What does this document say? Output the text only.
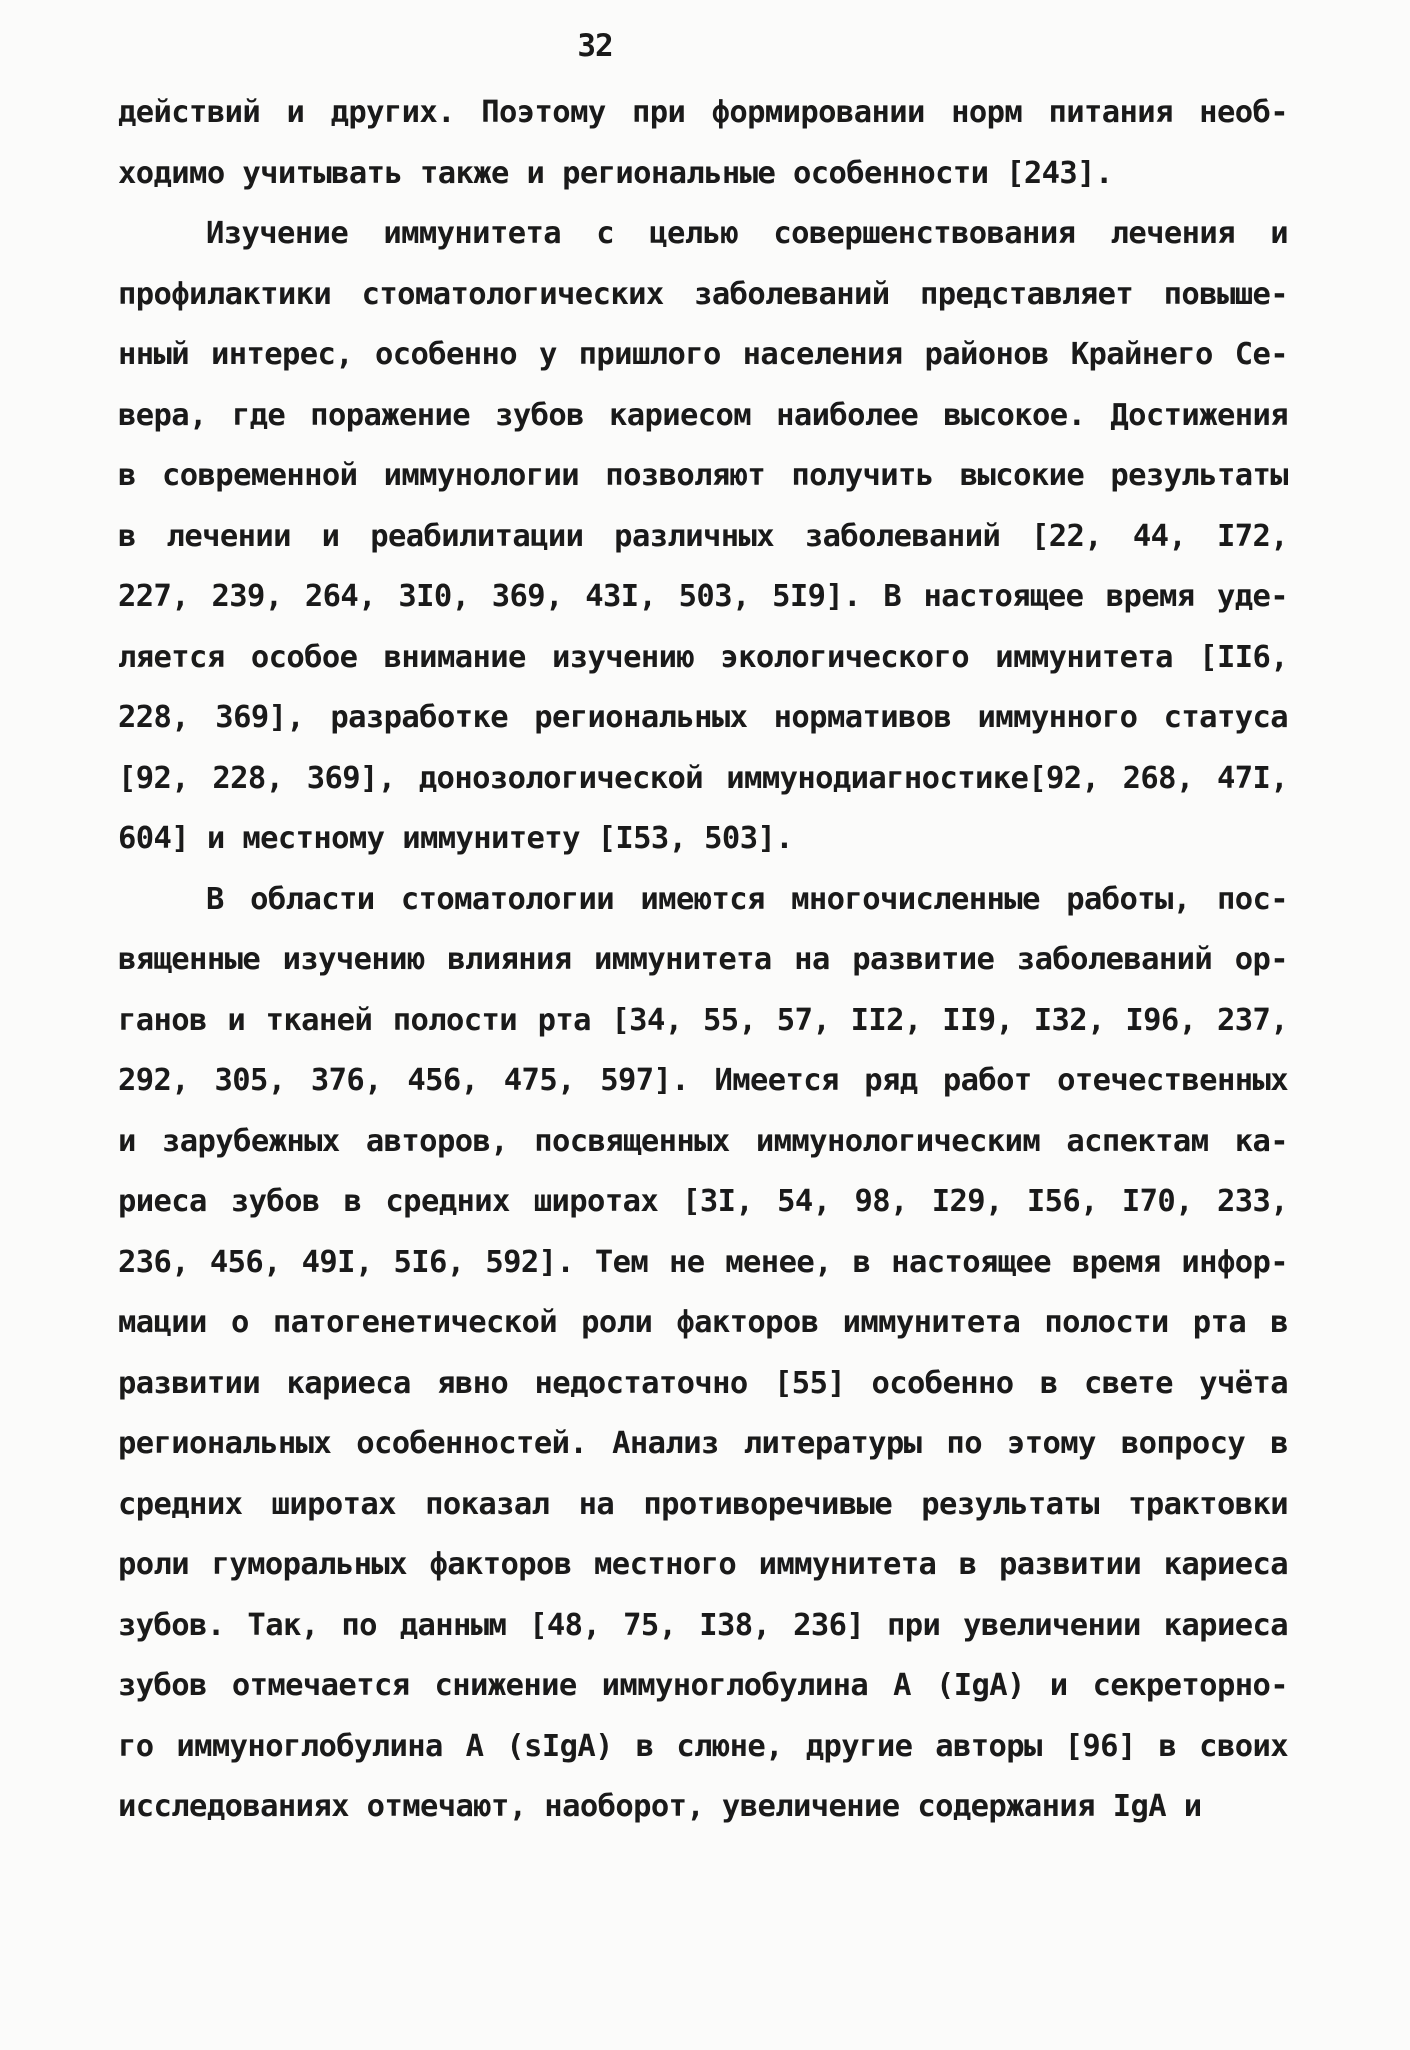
32
действий и других. Поэтому при формировании норм питания необ-
ходимо учитывать также и региональные особенности [243].
Изучение иммунитета с целью совершенствования лечения и
профилактики стоматологических заболеваний представляет повыше-
нный интерес, особенно у пришлого населения районов Крайнего Се-
вера, где поражение зубов кариесом наиболее высокое. Достижения
в современной иммунологии позволяют получить высокие результаты
в лечении и реабилитации различных заболеваний [22, 44, I72,
227, 239, 264, 3I0, 369, 43I, 503, 5I9]. В настоящее время уде-
ляется особое внимание изучению экологического иммунитета [II6,
228, 369], разработке региональных нормативов иммунного статуса
[92, 228, 369], донозологической иммунодиагностике[92, 268, 47I,
604] и местному иммунитету [I53, 503].
В области стоматологии имеются многочисленные работы, пос-
вященные изучению влияния иммунитета на развитие заболеваний ор-
ганов и тканей полости рта [34, 55, 57, II2, II9, I32, I96, 237,
292, 305, 376, 456, 475, 597]. Имеется ряд работ отечественных
и зарубежных авторов, посвященных иммунологическим аспектам ка-
риеса зубов в средних широтах [3I, 54, 98, I29, I56, I70, 233,
236, 456, 49I, 5I6, 592]. Тем не менее, в настоящее время инфор-
мации о патогенетической роли факторов иммунитета полости рта в
развитии кариеса явно недостаточно [55] особенно в свете учёта
региональных особенностей. Анализ литературы по этому вопросу в
средних широтах показал на противоречивые результаты трактовки
роли гуморальных факторов местного иммунитета в развитии кариеса
зубов. Так, по данным [48, 75, I38, 236] при увеличении кариеса
зубов отмечается снижение иммуноглобулина А (IgA) и секреторно-
го иммуноглобулина А (sIgA) в слюне, другие авторы [96] в своих
исследованиях отмечают, наоборот, увеличение содержания IgA и
